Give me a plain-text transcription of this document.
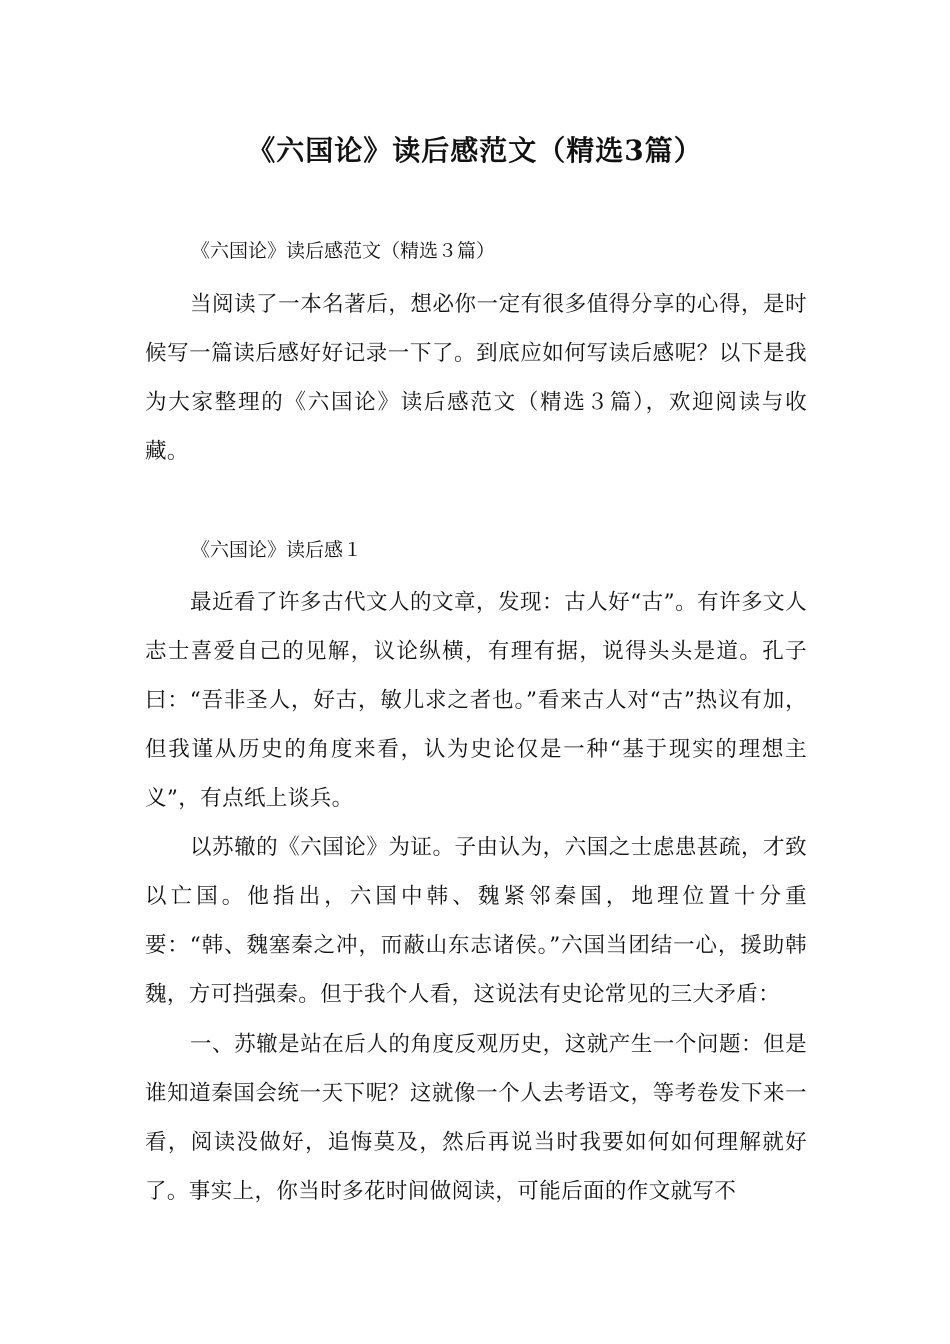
《六国论》读后感范文（精选3篇）

《六国论》读后感范文（精选３篇）

当阅读了一本名著后，想必你一定有很多值得分享的心得，是时候写一篇读后感好好记录一下了。到底应如何写读后感呢？以下是我为大家整理的《六国论》读后感范文（精选３篇），欢迎阅读与收藏。

《六国论》读后感１

最近看了许多古代文人的文章，发现：古人好“古”。有许多文人志士喜爱自己的见解，议论纵横，有理有据，说得头头是道。孔子曰：“吾非圣人，好古，敏儿求之者也。”看来古人对“古”热议有加，但我谨从历史的角度来看，认为史论仅是一种“基于现实的理想主义”，有点纸上谈兵。

以苏辙的《六国论》为证。子由认为，六国之士虑患甚疏，才致以亡国。他指出，六国中韩、魏紧邻秦国，地理位置十分重要：“韩、魏塞秦之冲，而蔽山东志诸侯。”六国当团结一心，援助韩魏，方可挡强秦。但于我个人看，这说法有史论常见的三大矛盾：

一、苏辙是站在后人的角度反观历史，这就产生一个问题：但是谁知道秦国会统一天下呢？这就像一个人去考语文，等考卷发下来一看，阅读没做好，追悔莫及，然后再说当时我要如何如何理解就好了。事实上，你当时多花时间做阅读，可能后面的作文就写不
